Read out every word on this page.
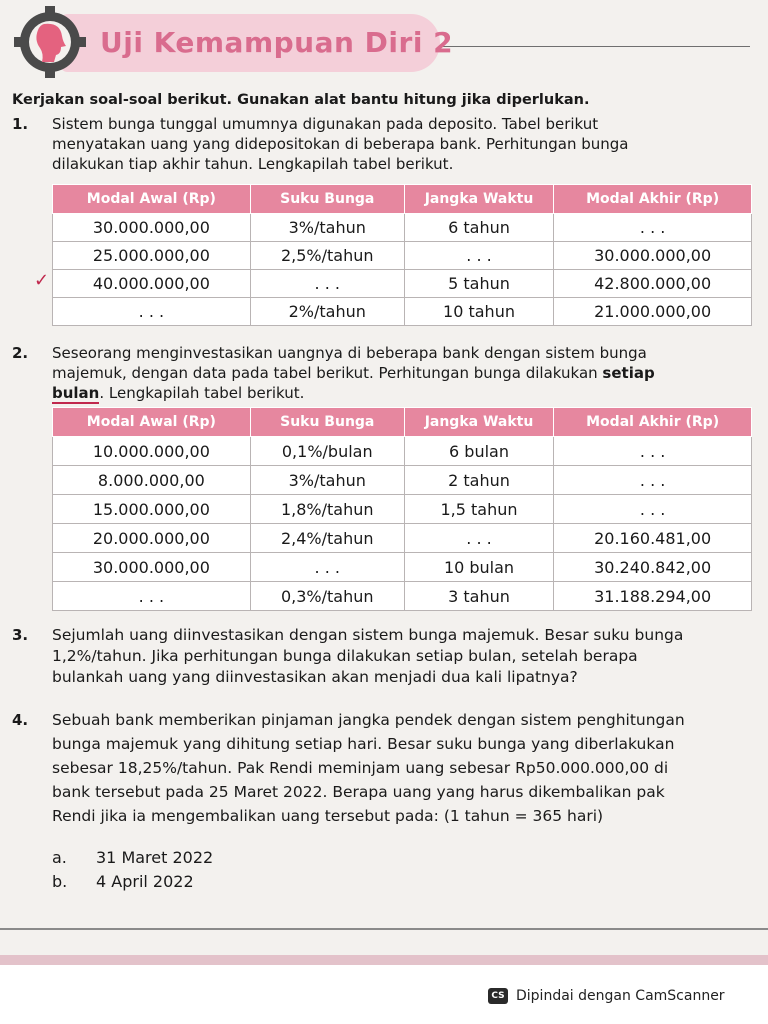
Uji Kemampuan Diri 2
Kerjakan soal-soal berikut. Gunakan alat bantu hitung jika diperlukan.
1. Sistem bunga tunggal umumnya digunakan pada deposito. Tabel berikut
menyatakan uang yang didepositokan di beberapa bank. Perhitungan bunga
dilakukan tiap akhir tahun. Lengkapilah tabel berikut.
Modal Awal (Rp)	Suku Bunga	Jangka Waktu	Modal Akhir (Rp)
30.000.000,00	3%/tahun	6 tahun	. . .
25.000.000,00	2,5%/tahun	. . .	30.000.000,00
40.000.000,00	. . .	5 tahun	42.800.000,00
. . .	2%/tahun	10 tahun	21.000.000,00
✓
2. Seseorang menginvestasikan uangnya di beberapa bank dengan sistem bunga
majemuk, dengan data pada tabel berikut. Perhitungan bunga dilakukan setiap
bulan. Lengkapilah tabel berikut.
Modal Awal (Rp)	Suku Bunga	Jangka Waktu	Modal Akhir (Rp)
10.000.000,00	0,1%/bulan	6 bulan	. . .
8.000.000,00	3%/tahun	2 tahun	. . .
15.000.000,00	1,8%/tahun	1,5 tahun	. . .
20.000.000,00	2,4%/tahun	. . .	20.160.481,00
30.000.000,00	. . .	10 bulan	30.240.842,00
. . .	0,3%/tahun	3 tahun	31.188.294,00
3. Sejumlah uang diinvestasikan dengan sistem bunga majemuk. Besar suku bunga
1,2%/tahun. Jika perhitungan bunga dilakukan setiap bulan, setelah berapa
bulankah uang yang diinvestasikan akan menjadi dua kali lipatnya?
4. Sebuah bank memberikan pinjaman jangka pendek dengan sistem penghitungan
bunga majemuk yang dihitung setiap hari. Besar suku bunga yang diberlakukan
sebesar 18,25%/tahun. Pak Rendi meminjam uang sebesar Rp50.000.000,00 di
bank tersebut pada 25 Maret 2022. Berapa uang yang harus dikembalikan pak
Rendi jika ia mengembalikan uang tersebut pada: (1 tahun = 365 hari)
a. 31 Maret 2022
b. 4 April 2022
CS Dipindai dengan CamScanner
